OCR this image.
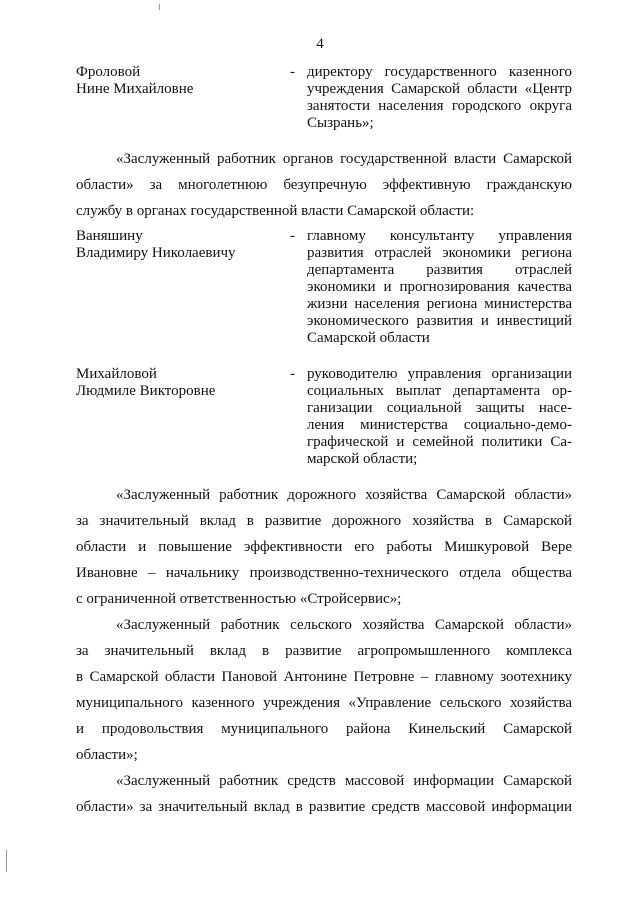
4
Фроловой
Нине Михайловне
- директору государственного казенного
учреждения Самарской области «Центр
занятости населения городского округа
Сызрань»;
«Заслуженный работник органов государственной власти Самарской
области» за многолетнюю безупречную эффективную гражданскую
службу в органах государственной власти Самарской области:
Ваняшину
Владимиру Николаевичу
- главному консультанту управления
развития отраслей экономики региона
департамента развития отраслей
экономики и прогнозирования качества
жизни населения региона министерства
экономического развития и инвестиций
Самарской области
Михайловой
Людмиле Викторовне
- руководителю управления организации
социальных выплат департамента ор-
ганизации социальной защиты насе-
ления министерства социально-демо-
графической и семейной политики Са-
марской области;
«Заслуженный работник дорожного хозяйства Самарской области»
за значительный вклад в развитие дорожного хозяйства в Самарской
области и повышение эффективности его работы Мишкуровой Вере
Ивановне – начальнику производственно-технического отдела общества
с ограниченной ответственностью «Стройсервис»;
«Заслуженный работник сельского хозяйства Самарской области»
за значительный вклад в развитие агропромышленного комплекса
в Самарской области Пановой Антонине Петровне – главному зоотехнику
муниципального казенного учреждения «Управление сельского хозяйства
и продовольствия муниципального района Кинельский Самарской
области»;
«Заслуженный работник средств массовой информации Самарской
области» за значительный вклад в развитие средств массовой информации
